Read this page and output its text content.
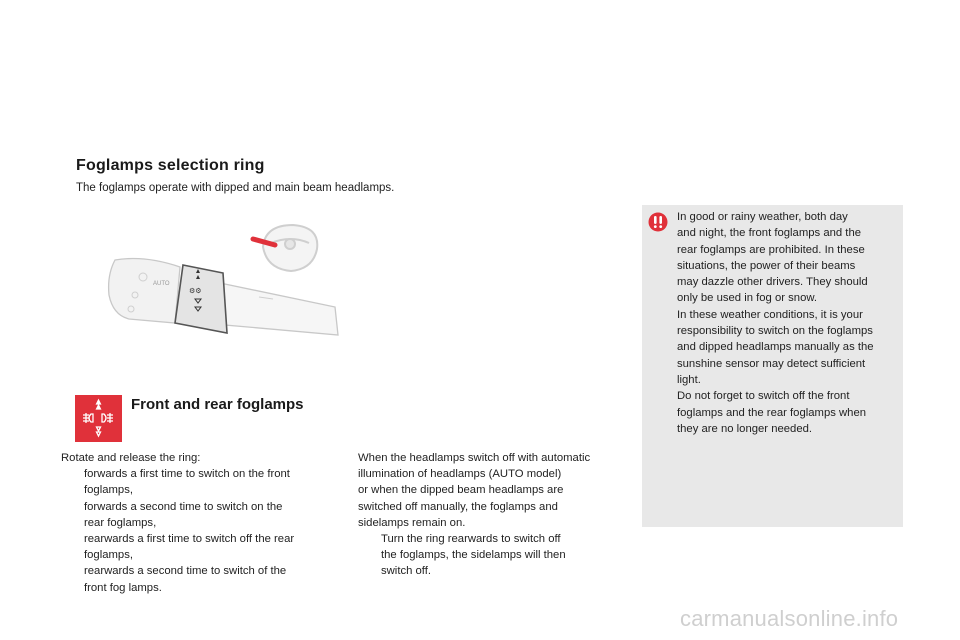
Foglamps selection ring
The foglamps operate with dipped and main beam headlamps.
⚙⚙
AUTO
In good or rainy weather, both day
and night, the front foglamps and the
rear foglamps are prohibited. In these
situations, the power of their beams
may dazzle other drivers. They should
only be used in fog or snow.
In these weather conditions, it is your
responsibility to switch on the foglamps
and dipped headlamps manually as the
sunshine sensor may detect sufficient
light.
Do not forget to switch off the front
foglamps and the rear foglamps when
they are no longer needed.
Front and rear foglamps
Rotate and release the ring:
forwards a first time to switch on the front
foglamps,
forwards a second time to switch on the
rear foglamps,
rearwards a first time to switch off the rear
foglamps,
rearwards a second time to switch of the
front fog lamps.
When the headlamps switch off with automatic
illumination of headlamps (AUTO model)
or when the dipped beam headlamps are
switched off manually, the foglamps and
sidelamps remain on.
Turn the ring rearwards to switch off
the foglamps, the sidelamps will then
switch off.
carmanualsonline.info
